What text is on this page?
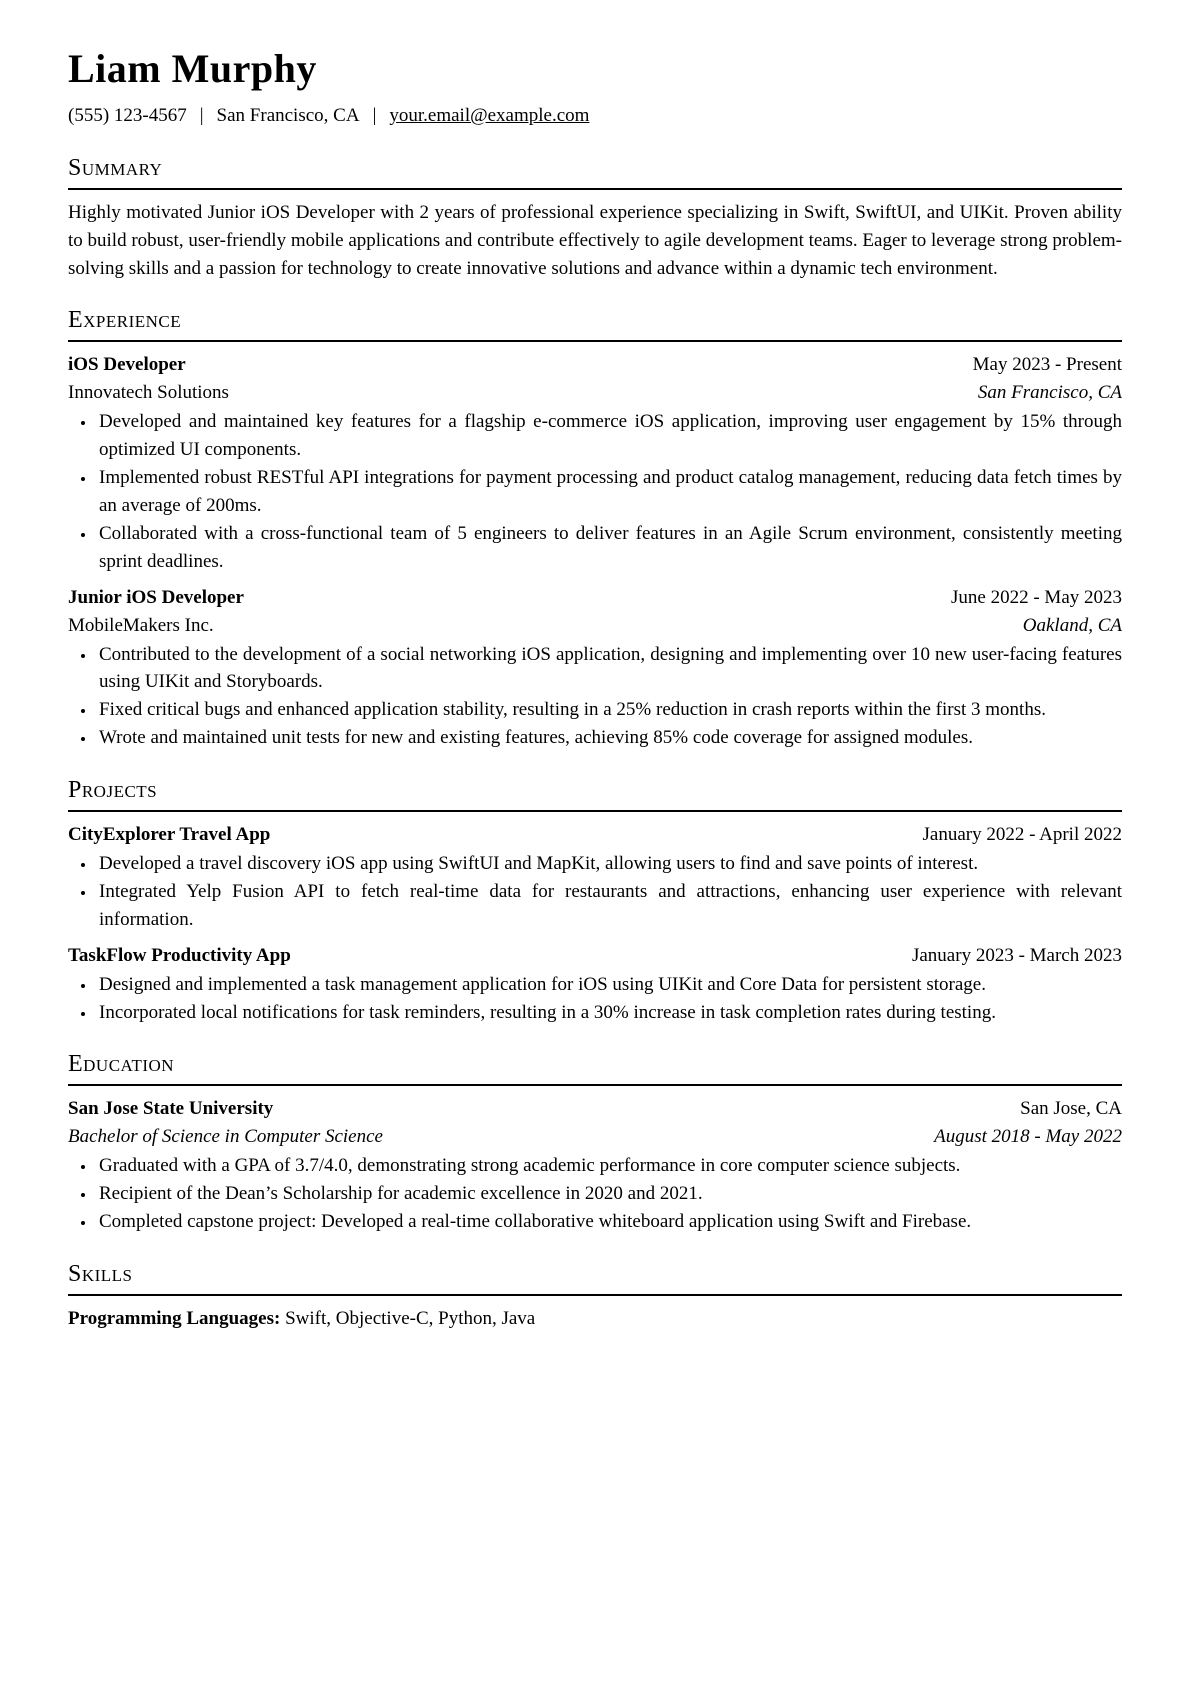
Liam Murphy

(555) 123-4567 | San Francisco, CA | your.email@example.com

Summary

Highly motivated Junior iOS Developer with 2 years of professional experience specializing in Swift, SwiftUI, and UIKit. Proven ability to build robust, user-friendly mobile applications and contribute effectively to agile development teams. Eager to leverage strong problem-solving skills and a passion for technology to create innovative solutions and advance within a dynamic tech environment.

Experience
iOS Developer	May 2023 - Present
Innovatech Solutions	San Francisco, CA
• Developed and maintained key features for a flagship e-commerce iOS application, improving user engagement by 15% through optimized UI components.
• Implemented robust RESTful API integrations for payment processing and product catalog management, reducing data fetch times by an average of 200ms.
• Collaborated with a cross-functional team of 5 engineers to deliver features in an Agile Scrum environment, consistently meeting sprint deadlines.
Junior iOS Developer	June 2022 - May 2023
MobileMakers Inc.	Oakland, CA
• Contributed to the development of a social networking iOS application, designing and implementing over 10 new user-facing features using UIKit and Storyboards.
• Fixed critical bugs and enhanced application stability, resulting in a 25% reduction in crash reports within the first 3 months.
• Wrote and maintained unit tests for new and existing features, achieving 85% code coverage for assigned modules.
Projects
CityExplorer Travel App	January 2022 - April 2022
• Developed a travel discovery iOS app using SwiftUI and MapKit, allowing users to find and save points of interest.
• Integrated Yelp Fusion API to fetch real-time data for restaurants and attractions, enhancing user experience with relevant information.
TaskFlow Productivity App	January 2023 - March 2023
• Designed and implemented a task management application for iOS using UIKit and Core Data for persistent storage.
• Incorporated local notifications for task reminders, resulting in a 30% increase in task completion rates during testing.
Education
San Jose State University	San Jose, CA
Bachelor of Science in Computer Science	August 2018 - May 2022
• Graduated with a GPA of 3.7/4.0, demonstrating strong academic performance in core computer science subjects.
• Recipient of the Dean’s Scholarship for academic excellence in 2020 and 2021.
• Completed capstone project: Developed a real-time collaborative whiteboard application using Swift and Firebase.
Skills

Programming Languages: Swift, Objective-C, Python, Java
